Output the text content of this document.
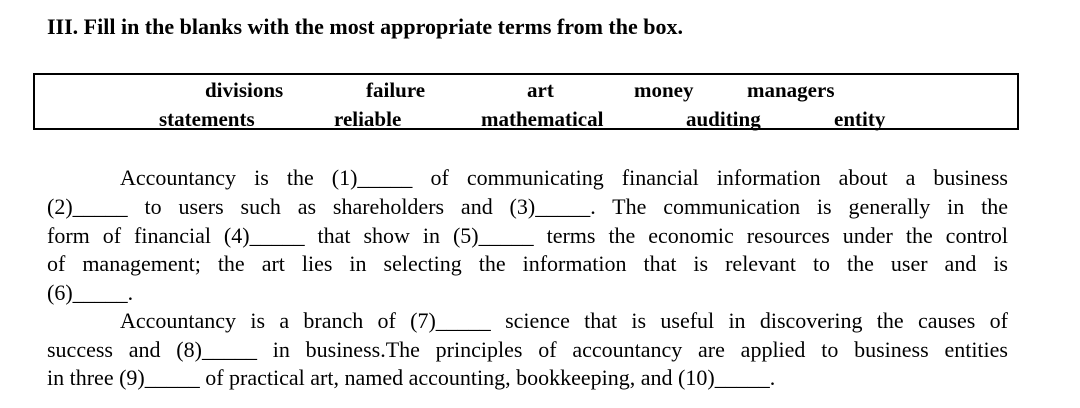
III. Fill in the blanks with the most appropriate terms from the box.
divisions	failure	art	money	managers
statements	reliable	mathematical	auditing	entity
Accountancy is the (1)_____ of communicating financial information about a business
(2)_____ to users such as shareholders and (3)_____. The communication is generally in the
form of financial (4)_____ that show in (5)_____ terms the economic resources under the control
of management; the art lies in selecting the information that is relevant to the user and is
(6)_____.
Accountancy is a branch of (7)_____ science that is useful in discovering the causes of
success and (8)_____ in business.The principles of accountancy are applied to business entities
in three (9)_____ of practical art, named accounting, bookkeeping, and (10)_____.
